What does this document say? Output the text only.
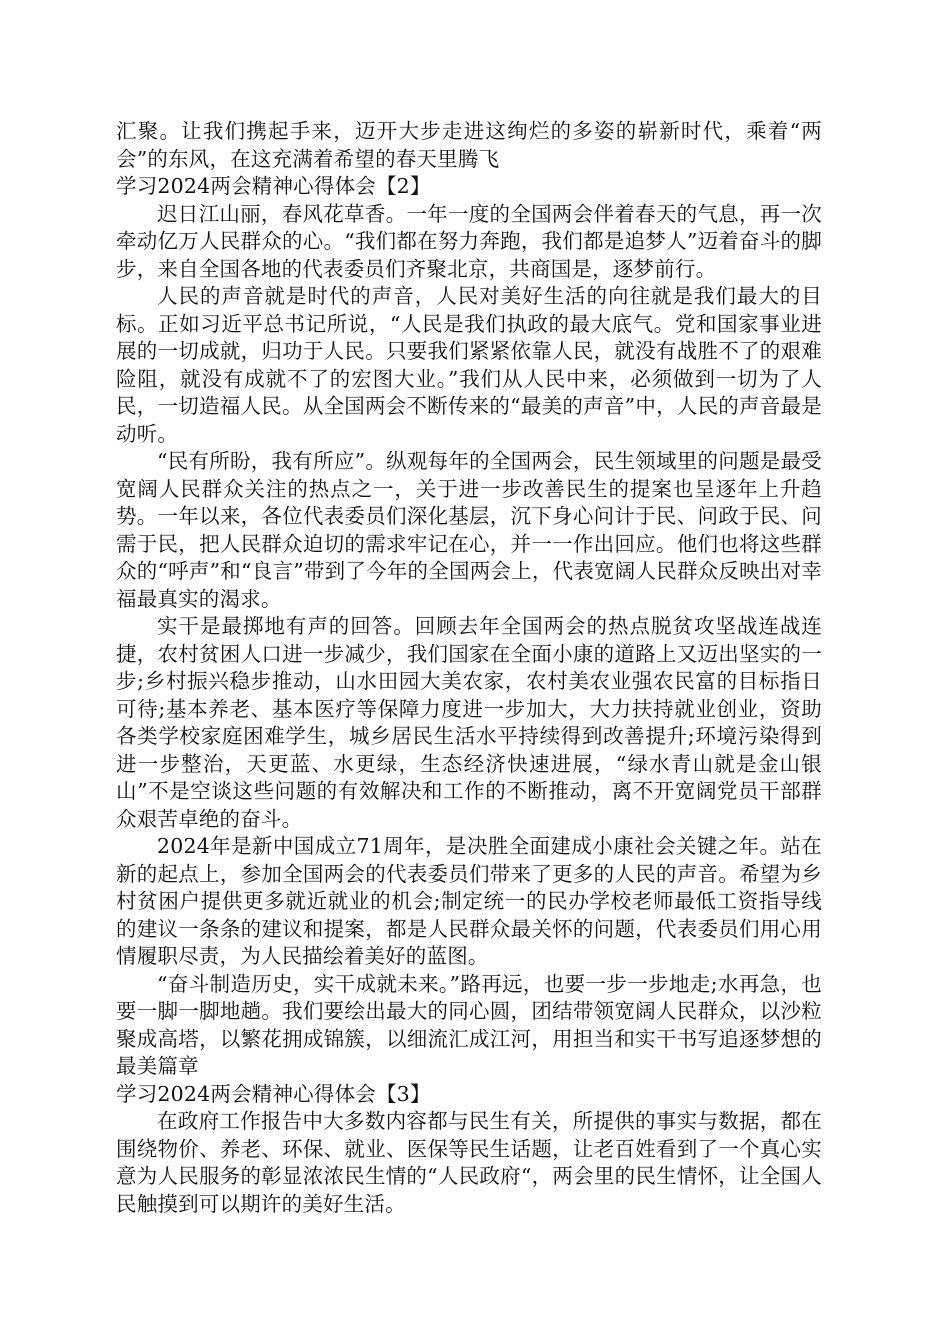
汇聚。让我们携起手来，迈开大步走进这绚烂的多姿的崭新时代，乘着“两会”的东风，在这充满着希望的春天里腾飞

学习2024两会精神心得体会【2】

迟日江山丽，春风花草香。一年一度的全国两会伴着春天的气息，再一次牵动亿万人民群众的心。“我们都在努力奔跑，我们都是追梦人”迈着奋斗的脚步，来自全国各地的代表委员们齐聚北京，共商国是，逐梦前行。

人民的声音就是时代的声音，人民对美好生活的向往就是我们最大的目标。正如习近平总书记所说，“人民是我们执政的最大底气。党和国家事业进展的一切成就，归功于人民。只要我们紧紧依靠人民，就没有战胜不了的艰难险阻，就没有成就不了的宏图大业。”我们从人民中来，必须做到一切为了人民，一切造福人民。从全国两会不断传来的“最美的声音”中，人民的声音最是动听。

“民有所盼，我有所应”。纵观每年的全国两会，民生领域里的问题是最受宽阔人民群众关注的热点之一，关于进一步改善民生的提案也呈逐年上升趋势。一年以来，各位代表委员们深化基层，沉下身心问计于民、问政于民、问需于民，把人民群众迫切的需求牢记在心，并一一作出回应。他们也将这些群众的“呼声”和“良言”带到了今年的全国两会上，代表宽阔人民群众反映出对幸福最真实的渴求。

实干是最掷地有声的回答。回顾去年全国两会的热点脱贫攻坚战连战连捷，农村贫困人口进一步减少，我们国家在全面小康的道路上又迈出坚实的一步;乡村振兴稳步推动，山水田园大美农家，农村美农业强农民富的目标指日可待;基本养老、基本医疗等保障力度进一步加大，大力扶持就业创业，资助各类学校家庭困难学生，城乡居民生活水平持续得到改善提升;环境污染得到进一步整治，天更蓝、水更绿，生态经济快速进展，“绿水青山就是金山银山”不是空谈这些问题的有效解决和工作的不断推动，离不开宽阔党员干部群众艰苦卓绝的奋斗。

2024年是新中国成立71周年，是决胜全面建成小康社会关键之年。站在新的起点上，参加全国两会的代表委员们带来了更多的人民的声音。希望为乡村贫困户提供更多就近就业的机会;制定统一的民办学校老师最低工资指导线的建议一条条的建议和提案，都是人民群众最关怀的问题，代表委员们用心用情履职尽责，为人民描绘着美好的蓝图。

“奋斗制造历史，实干成就未来。”路再远，也要一步一步地走;水再急，也要一脚一脚地趟。我们要绘出最大的同心圆，团结带领宽阔人民群众，以沙粒聚成高塔，以繁花拥成锦簇，以细流汇成江河，用担当和实干书写追逐梦想的最美篇章

学习2024两会精神心得体会【3】

在政府工作报告中大多数内容都与民生有关，所提供的事实与数据，都在围绕物价、养老、环保、就业、医保等民生话题，让老百姓看到了一个真心实意为人民服务的彰显浓浓民生情的“人民政府“，两会里的民生情怀，让全国人民触摸到可以期许的美好生活。
